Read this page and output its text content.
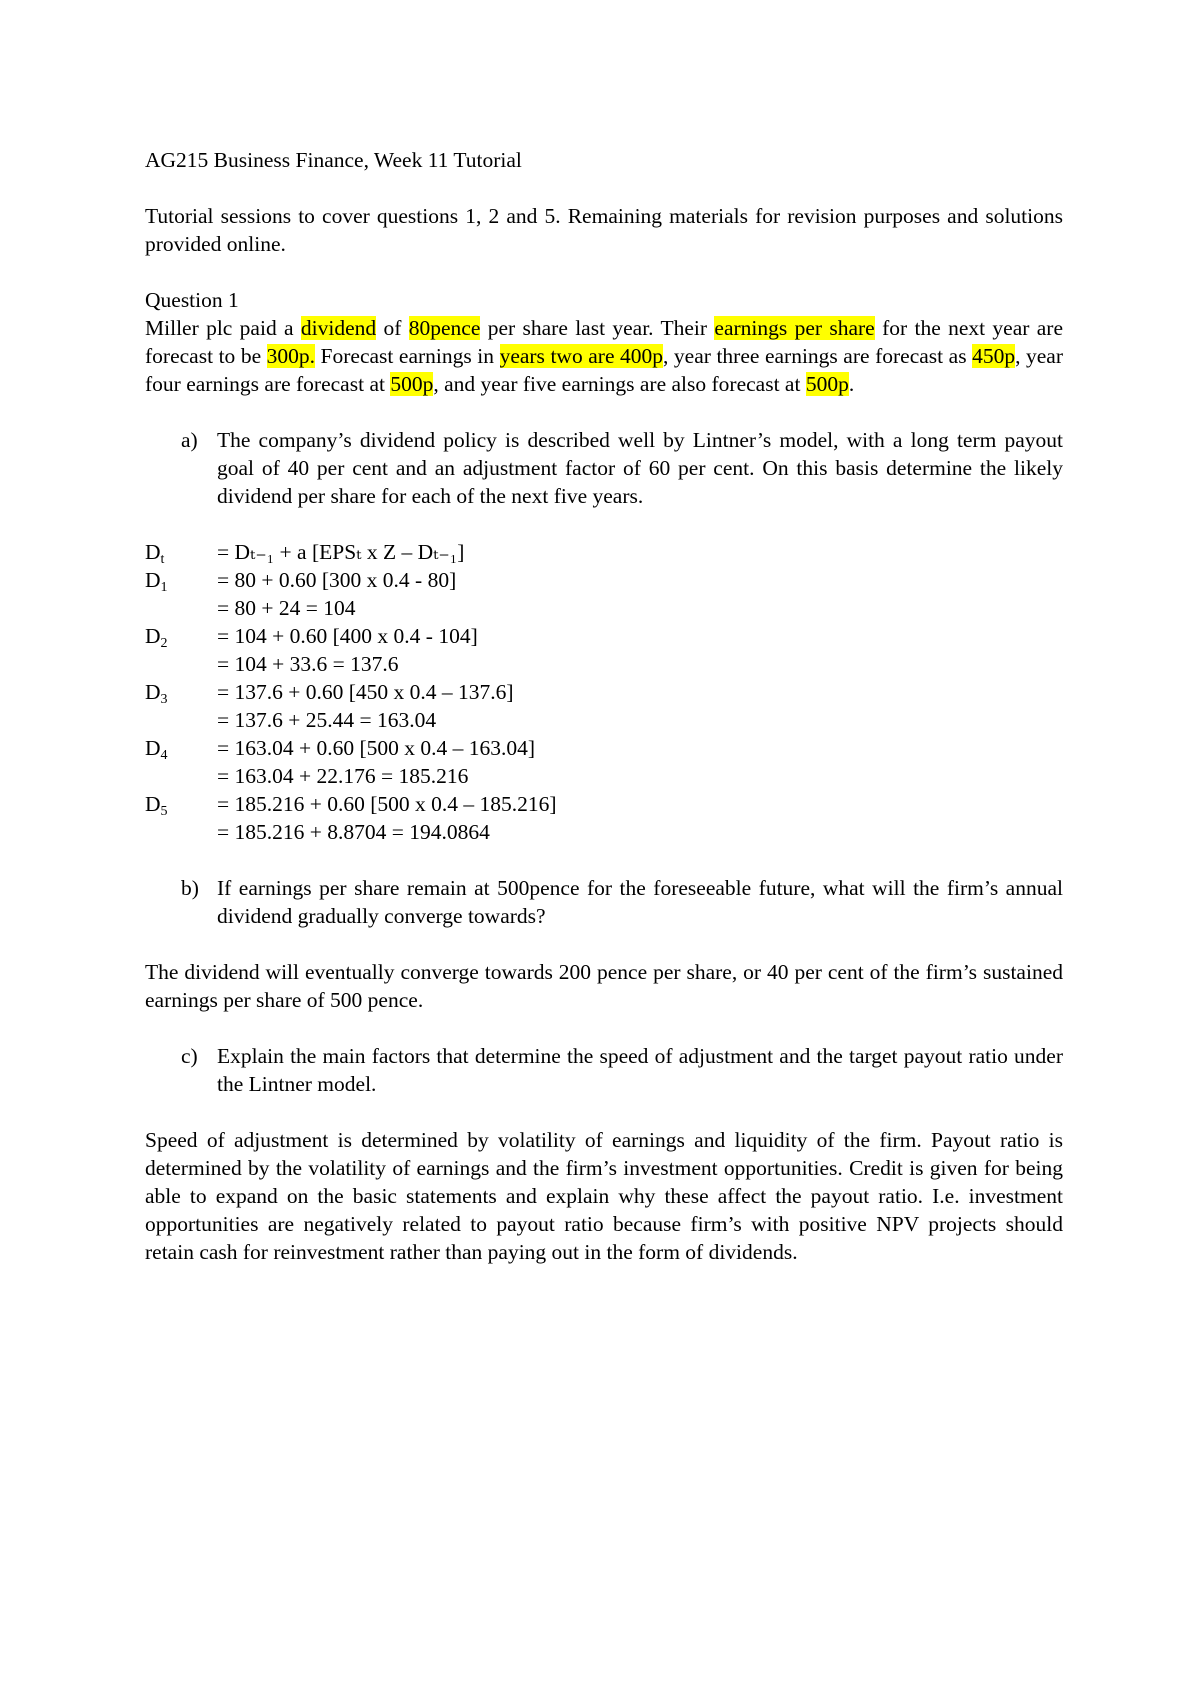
AG215 Business Finance, Week 11 Tutorial

Tutorial sessions to cover questions 1, 2 and 5. Remaining materials for revision purposes and solutions provided online.

Question 1

Miller plc paid a dividend of 80pence per share last year. Their earnings per share for the next year are forecast to be 300p. Forecast earnings in years two are 400p, year three earnings are forecast as 450p, year four earnings are forecast at 500p, and year five earnings are also forecast at 500p.

a) The company’s dividend policy is described well by Lintner’s model, with a long term payout goal of 40 per cent and an adjustment factor of 60 per cent. On this basis determine the likely dividend per share for each of the next five years.
$D_t$	= Dₜ₋₁ + a [EPSₜ x Z – Dₜ₋₁]
$D_1$	= 80 + 0.60 [300 x 0.4 - 80]
= 80 + 24 = 104
$D_2$	= 104 + 0.60 [400 x 0.4 - 104]
= 104 + 33.6 = 137.6
$D_3$	= 137.6 + 0.60 [450 x 0.4 – 137.6]
= 137.6 + 25.44 = 163.04
$D_4$	= 163.04 + 0.60 [500 x 0.4 – 163.04]
= 163.04 + 22.176 = 185.216
$D_5$	= 185.216 + 0.60 [500 x 0.4 – 185.216]
= 185.216 + 8.8704 = 194.0864
b) If earnings per share remain at 500pence for the foreseeable future, what will the firm’s annual dividend gradually converge towards?

The dividend will eventually converge towards 200 pence per share, or 40 per cent of the firm’s sustained earnings per share of 500 pence.

c) Explain the main factors that determine the speed of adjustment and the target payout ratio under the Lintner model.

Speed of adjustment is determined by volatility of earnings and liquidity of the firm. Payout ratio is determined by the volatility of earnings and the firm’s investment opportunities. Credit is given for being able to expand on the basic statements and explain why these affect the payout ratio. I.e. investment opportunities are negatively related to payout ratio because firm’s with positive NPV projects should retain cash for reinvestment rather than paying out in the form of dividends.
